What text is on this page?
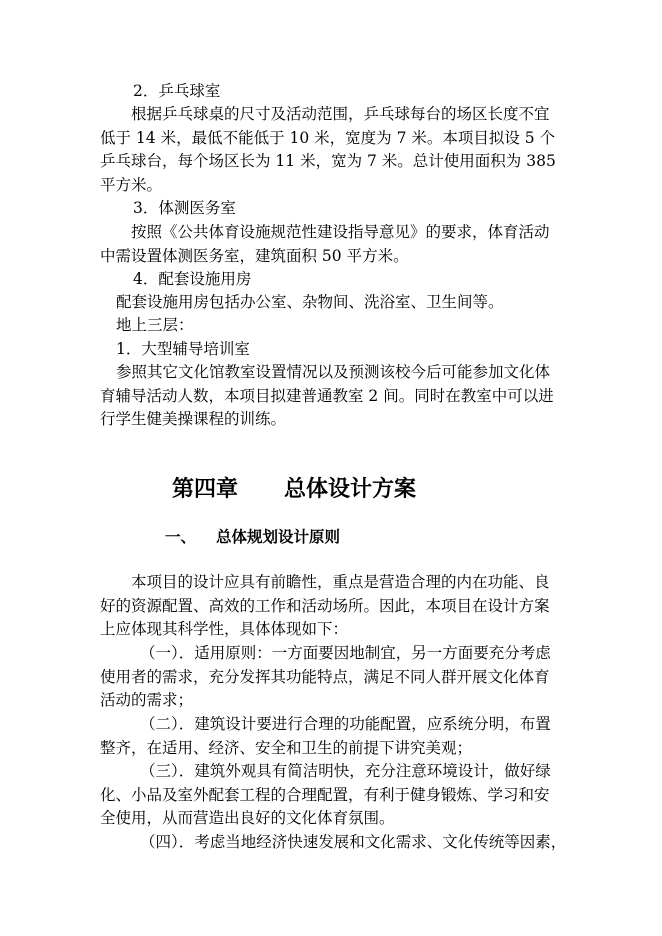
2．乒乓球室

根据乒乓球桌的尺寸及活动范围，乒乓球每台的场区长度不宜低于 14 米，最低不能低于 10 米，宽度为 7 米。本项目拟设 5 个乒乓球台，每个场区长为 11 米，宽为 7 米。总计使用面积为 385 平方米。

3．体测医务室

按照《公共体育设施规范性建设指导意见》的要求，体育活动中需设置体测医务室，建筑面积 50 平方米。

4．配套设施用房

配套设施用房包括办公室、杂物间、洗浴室、卫生间等。

地上三层：

1．大型辅导培训室

参照其它文化馆教室设置情况以及预测该校今后可能参加文化体育辅导活动人数，本项目拟建普通教室 2 间。同时在教室中可以进行学生健美操课程的训练。

第四章 总体设计方案
一、 总体规划设计原则

本项目的设计应具有前瞻性，重点是营造合理的内在功能、良好的资源配置、高效的工作和活动场所。因此，本项目在设计方案上应体现其科学性，具体体现如下：

（一）．适用原则：一方面要因地制宜，另一方面要充分考虑使用者的需求，充分发挥其功能特点，满足不同人群开展文化体育活动的需求；

（二）．建筑设计要进行合理的功能配置，应系统分明，布置整齐，在适用、经济、安全和卫生的前提下讲究美观；

（三）．建筑外观具有简洁明快，充分注意环境设计，做好绿化、小品及室外配套工程的合理配置，有利于健身锻炼、学习和安全使用，从而营造出良好的文化体育氛围。

（四）．考虑当地经济快速发展和文化需求、文化传统等因素，
